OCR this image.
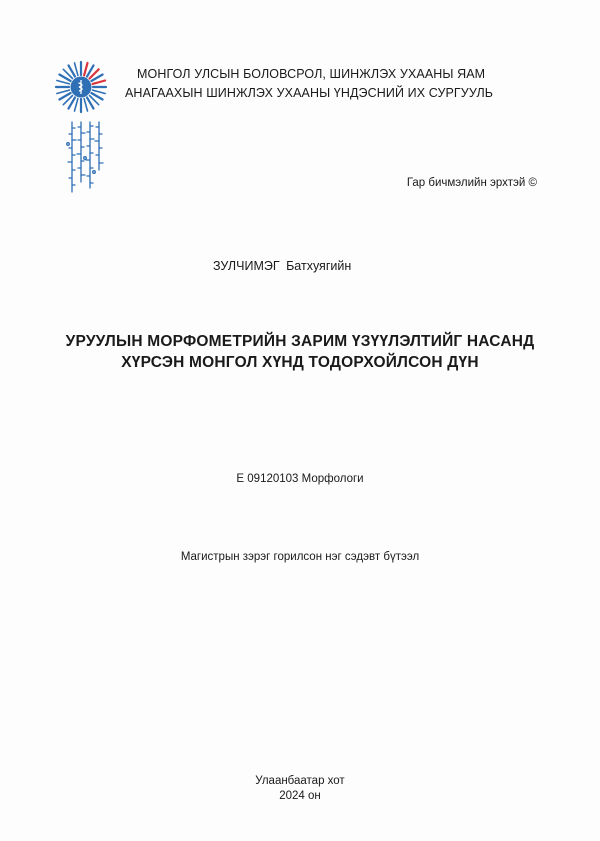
МОНГОЛ УЛСЫН БОЛОВСРОЛ, ШИНЖЛЭХ УХААНЫ ЯАМ
АНАГААХЫН ШИНЖЛЭХ УХААНЫ ҮНДЭСНИЙ ИХ СУРГУУЛЬ
Гар бичмэлийн эрхтэй ©
ЗУЛЧИМЭГ Батхуягийн
УРУУЛЫН МОРФОМЕТРИЙН ЗАРИМ ҮЗҮҮЛЭЛТИЙГ НАСАНД
ХҮРСЭН МОНГОЛ ХҮНД ТОДОРХОЙЛСОН ДҮН
Е 09120103 Морфологи
Магистрын зэрэг горилсон нэг сэдэвт бүтээл
Улаанбаатар хот
2024 он
